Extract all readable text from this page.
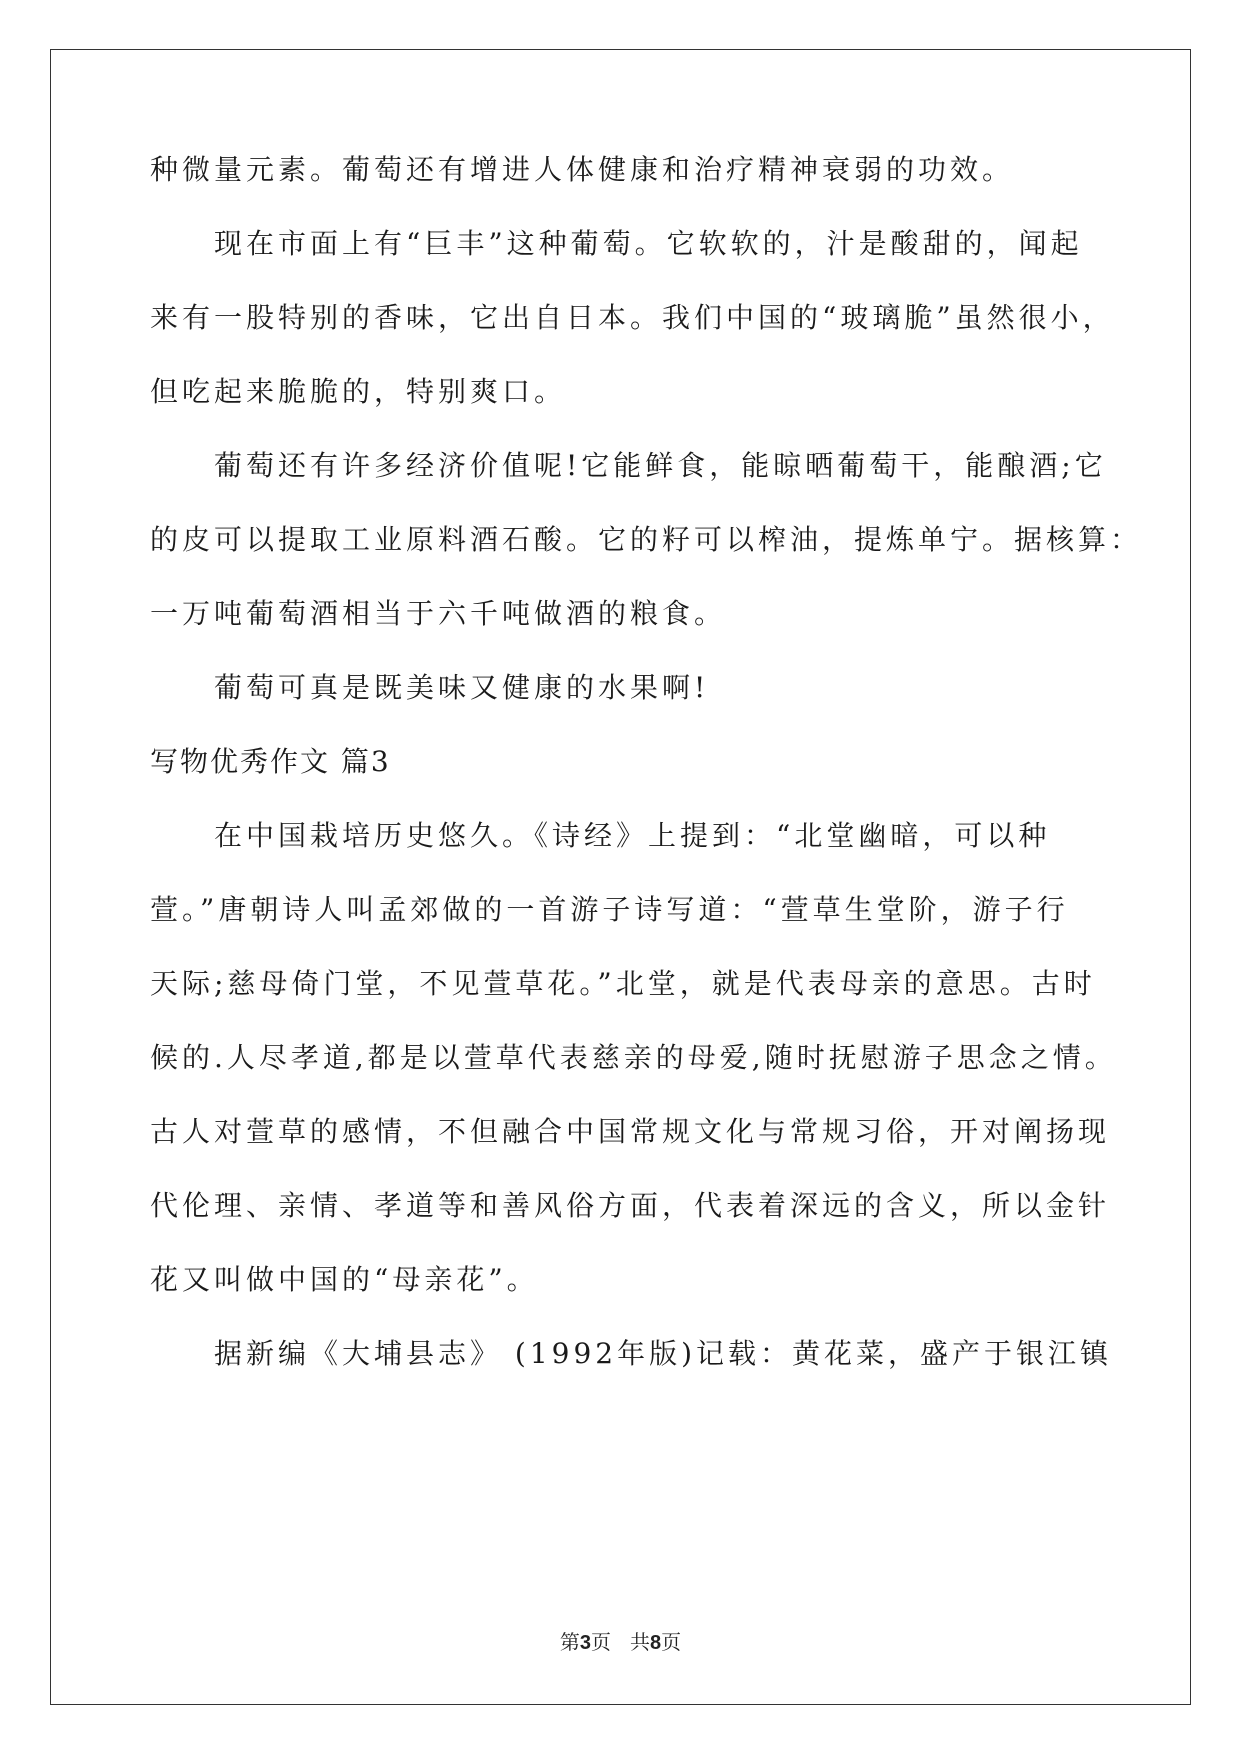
种微量元素。葡萄还有增进人体健康和治疗精神衰弱的功效。

现在市面上有“巨丰”这种葡萄。它软软的，汁是酸甜的，闻起

来有一股特别的香味，它出自日本。我们中国的“玻璃脆”虽然很小，

但吃起来脆脆的，特别爽口。

葡萄还有许多经济价值呢!它能鲜食，能晾晒葡萄干，能酿酒;它

的皮可以提取工业原料酒石酸。它的籽可以榨油，提炼单宁。据核算：

一万吨葡萄酒相当于六千吨做酒的粮食。

葡萄可真是既美味又健康的水果啊!

写物优秀作文 篇3

在中国栽培历史悠久。《诗经》上提到：“北堂幽暗，可以种

萱。”唐朝诗人叫孟郊做的一首游子诗写道：“萱草生堂阶，游子行

天际;慈母倚门堂，不见萱草花。”北堂，就是代表母亲的意思。古时

候的.人尽孝道,都是以萱草代表慈亲的母爱,随时抚慰游子思念之情。

古人对萱草的感情，不但融合中国常规文化与常规习俗，开对阐扬现

代伦理、亲情、孝道等和善风俗方面，代表着深远的含义，所以金针

花又叫做中国的“母亲花”。

据新编《大埔县志》 (1992年版)记载：黄花菜，盛产于银江镇

第3页   共8页
